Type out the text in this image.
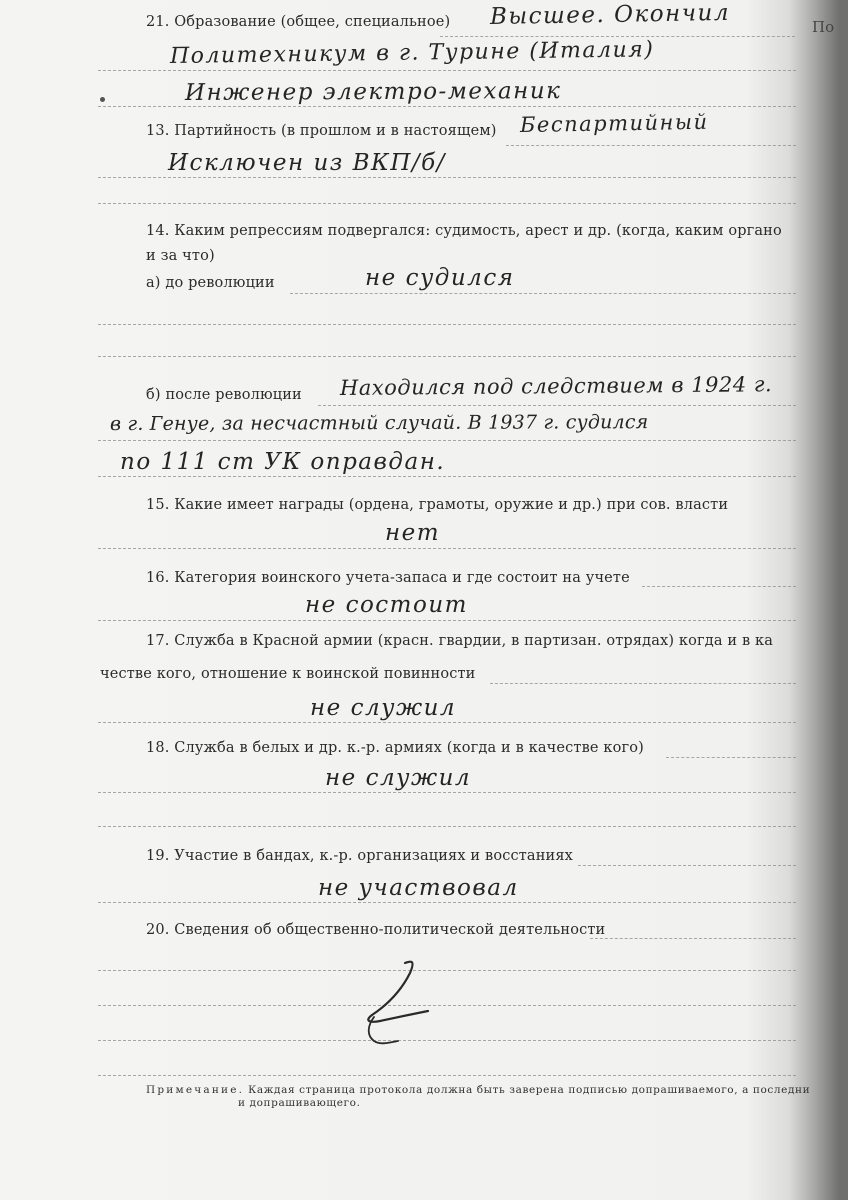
По
21. Образование (общее, специальное) Высшее. Окончил
Политехникум в г. Турине (Италия)
Инженер электро-механик
13. Партийность (в прошлом и в настоящем) Беспартийный
Исключен из ВКП/б/
14. Каким репрессиям подвергался: судимость, арест и др. (когда, каким органо
и за что)
а) до революции	не судился
б) после революции Находился под следствием в 1924 г.
в г. Генуе, за несчастный случай. В 1937 г. судился
по 111 ст УК оправдан.
15. Какие имеет награды (ордена, грамоты, оружие и др.) при сов. власти
нет
16. Категория воинского учета-запаса и где состоит на учете
не состоит
17. Служба в Красной армии (красн. гвардии, в партизан. отрядах) когда и в ка
честве кого, отношение к воинской повинности
не служил
18. Служба в белых и др. к.-р. армиях (когда и в качестве кого)
не служил
19. Участие в бандах, к.-р. организациях и восстаниях
не участвовал
20. Сведения об общественно-политической деятельности
Примечание. Каждая страница протокола должна быть заверена подписью допрашиваемого, а последни
и допрашивающего.
